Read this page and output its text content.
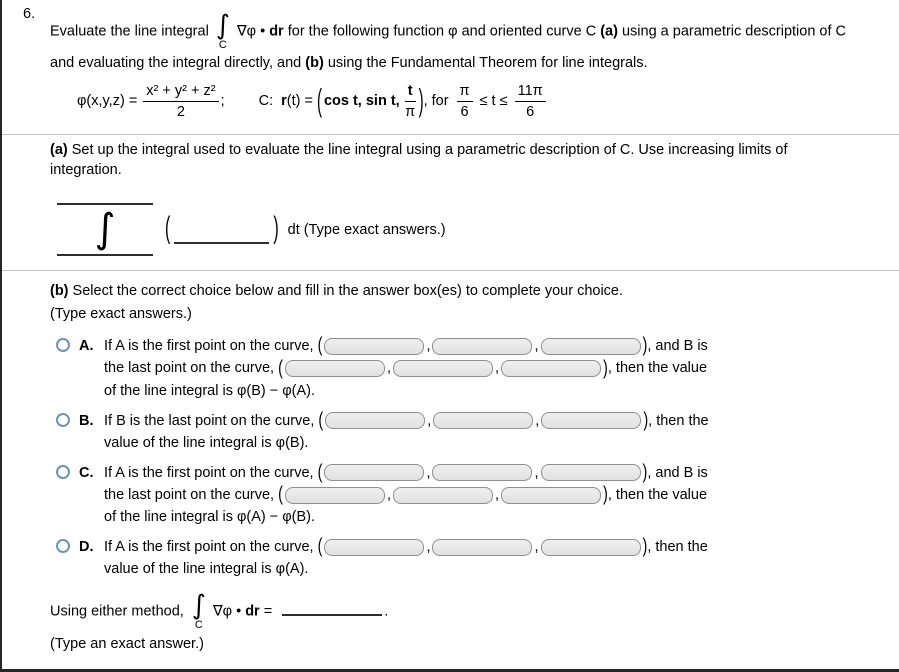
6.
Evaluate the line integral ∫
C
∇φ • dr for the following function φ and oriented curve C (a) using a parametric description of C
and evaluating the integral directly, and (b) using the Fundamental Theorem for line integrals.
$\varphi(x,y,z) = \frac{\text{x² + y² + z²}}{2}$ ; C: r (t) = ( cos t, sin t, $\frac{t}{\pi}$ ) , for $\frac{\pi}{6} \le t \le \frac{11\pi}{6}$
(a) Set up the integral used to evaluate the line integral using a parametric description of C. Use increasing limits of
integration.
∫	(	) dt (Type exact answers.)
(b) Select the correct choice below and fill in the answer box(es) to complete your choice.
(Type exact answers.)
A. If A is the first point on the curve, (	,	,	), and B is
the last point on the curve, (	,	,	), then the value
of the line integral is φ(B) − φ(A).
B. If B is the last point on the curve, (	,	,	), then the
value of the line integral is φ(B).
C. If A is the first point on the curve, (	,	,	), and B is
the last point on the curve, (	,	,	), then the value
of the line integral is φ(A) − φ(B).
D. If A is the first point on the curve, (	,	,	), then the
value of the line integral is φ(A).
Using either method, ∫
C
∇φ • dr =	.
(Type an exact answer.)
